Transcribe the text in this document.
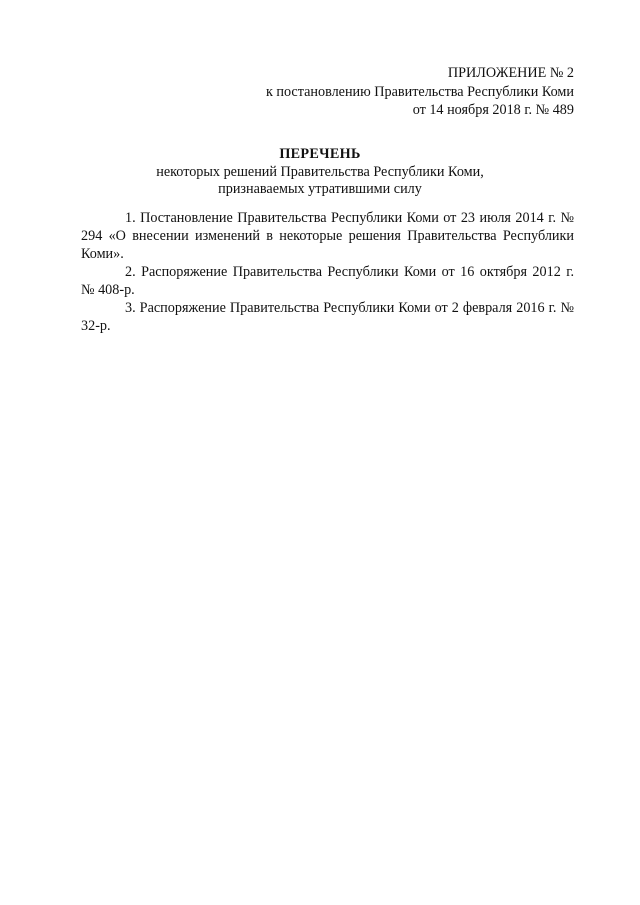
ПРИЛОЖЕНИЕ № 2
к постановлению Правительства Республики Коми
от 14 ноября 2018 г. № 489
ПЕРЕЧЕНЬ
некоторых решений Правительства Республики Коми,
признаваемых утратившими силу

1. Постановление Правительства Республики Коми от 23 июля 2014 г. № 294 «О внесении изменений в некоторые решения Правительства Республики Коми».

2. Распоряжение Правительства Республики Коми от 16 октября 2012 г. № 408-р.

3. Распоряжение Правительства Республики Коми от 2 февраля 2016 г. № 32-р.
